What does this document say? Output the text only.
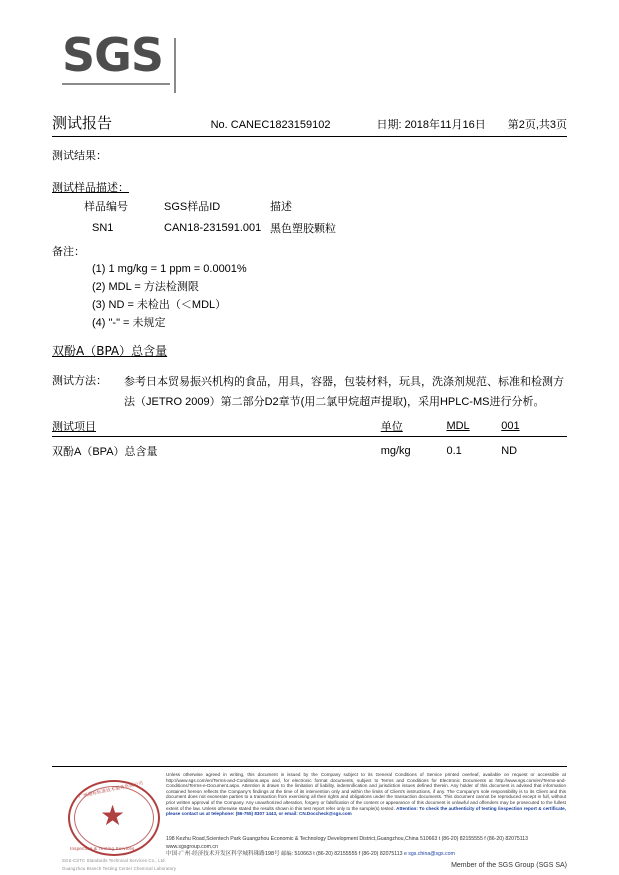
SGS
测试报告	No. CANEC1823159102	日期: 2018年11月16日 第2页,共3页
测试结果：
测试样品描述：
样品编号	SGS样品ID	描述
SN1	CAN18-231591.001	黑色塑胶颗粒
备注：
(1) 1 mg/kg = 1 ppm = 0.0001%
(2) MDL = 方法检测限
(3) ND = 未检出（＜MDL）
(4) "-" = 未规定
双酚A（BPA）总含量
测试方法： 参考日本贸易振兴机构的食品，用具，容器，包装材料，玩具，洗涤剂规范、标准和检测方
法（JETRO 2009）第二部分D2章节(用二氯甲烷超声提取)，采用HPLC-MS进行分析。
测试项目	单位	MDL	001
双酚A（BPA）总含量	mg/kg	0.1	ND
★
广州通标标准技术服务有限公司
Inspection & Testing Services
SGS-CSTC Standards Technical Services Co., Ltd.
Guangzhou Branch Testing Center Chemical Laboratory
Unless otherwise agreed in writing, this document is issued by the Company subject to its General Conditions of Service printed overleaf, available on request or accessible at http://www.sgs.com/en/Terms-and-Conditions.aspx and, for electronic format documents, subject to Terms and Conditions for Electronic Documents at http://www.sgs.com/en/Terms-and-Conditions/Terms-e-Document.aspx. Attention is drawn to the limitation of liability, indemnification and jurisdiction issues defined therein. Any holder of this document is advised that information contained hereon reflects the Company's findings at the time of its intervention only and within the limits of Client's instructions, if any. The Company's sole responsibility is to its Client and this document does not exonerate parties to a transaction from exercising all their rights and obligations under the transaction documents. This document cannot be reproduced except in full, without prior written approval of the Company. Any unauthorized alteration, forgery or falsification of the content or appearance of this document is unlawful and offenders may be prosecuted to the fullest extent of the law. Unless otherwise stated the results shown in this test report refer only to the sample(s) tested. Attention: To check the authenticity of testing /inspection report & certificate, please contact us at telephone: (86-755) 8307 1443, or email: CN.Doccheck@sgs.com
198 Kezhu Road,Scientech Park Guangzhou Economic & Technology Development District,Guangzhou,China 510663 t (86-20) 82155555 f (86-20) 82075113 www.sgsgroup.com.cn
中国·广州·经济技术开发区科学城科珠路198号 邮编: 510663 t (86-20) 82155555 f (86-20) 82075113 e sgs.china@sgs.com
Member of the SGS Group (SGS SA)
